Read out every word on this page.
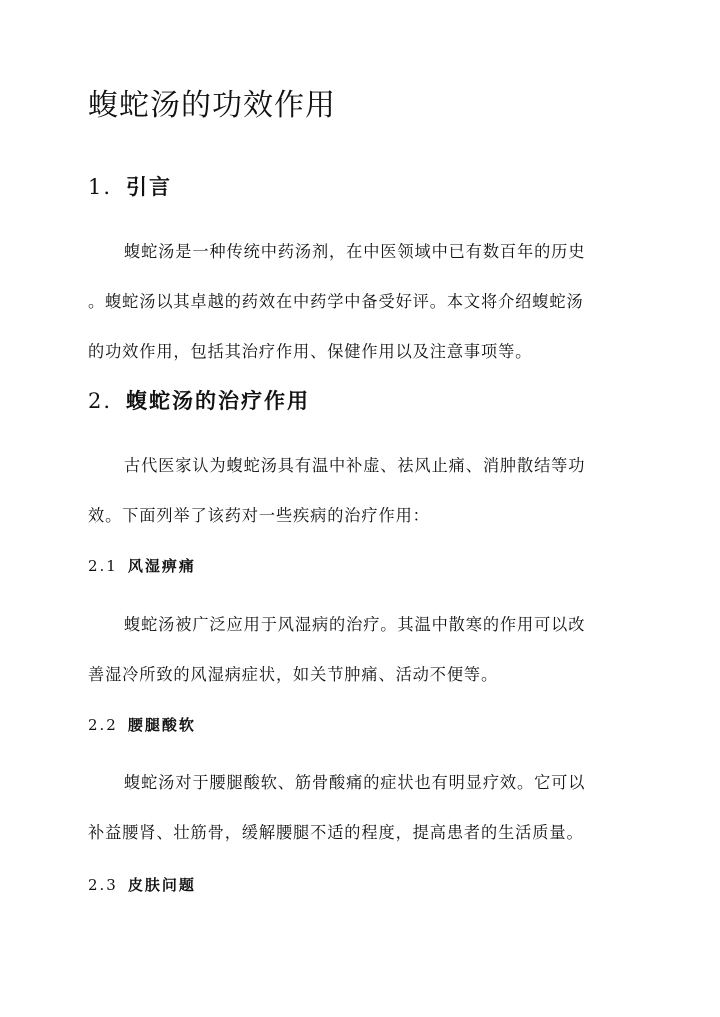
蝮蛇汤的功效作用
1. 引言
蝮蛇汤是一种传统中药汤剂，在中医领域中已有数百年的历史
。蝮蛇汤以其卓越的药效在中药学中备受好评。本文将介绍蝮蛇汤
的功效作用，包括其治疗作用、保健作用以及注意事项等。
2. 蝮蛇汤的治疗作用
古代医家认为蝮蛇汤具有温中补虚、祛风止痛、消肿散结等功
效。下面列举了该药对一些疾病的治疗作用：
2.1 风湿痹痛
蝮蛇汤被广泛应用于风湿病的治疗。其温中散寒的作用可以改
善湿冷所致的风湿病症状，如关节肿痛、活动不便等。
2.2 腰腿酸软
蝮蛇汤对于腰腿酸软、筋骨酸痛的症状也有明显疗效。它可以
补益腰肾、壮筋骨，缓解腰腿不适的程度，提高患者的生活质量。
2.3 皮肤问题
